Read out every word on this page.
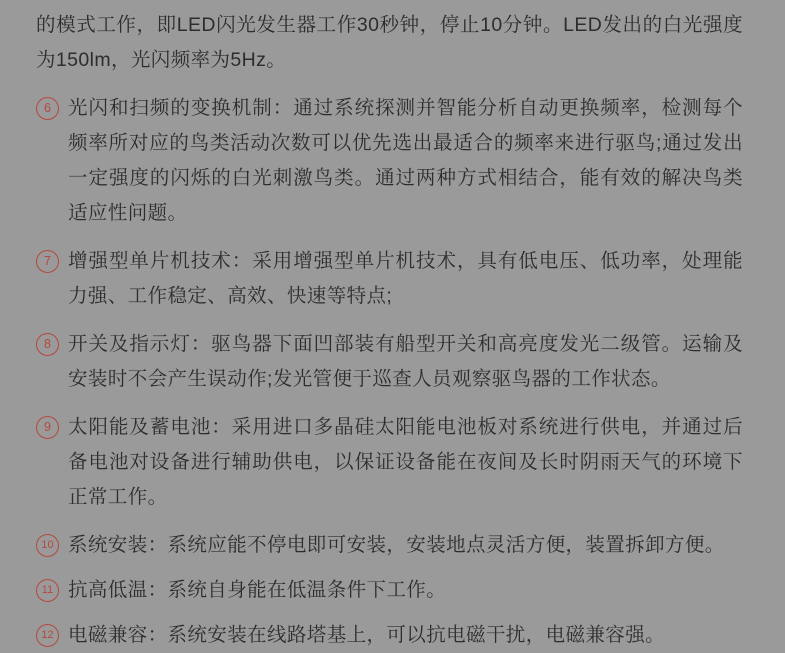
的模式工作，即LED闪光发生器工作30秒钟，停止10分钟。LED发出的白光强度为150lm，光闪频率为5Hz。
6 光闪和扫频的变换机制：通过系统探测并智能分析自动更换频率，检测每个频率所对应的鸟类活动次数可以优先选出最适合的频率来进行驱鸟;通过发出一定强度的闪烁的白光刺激鸟类。通过两种方式相结合，能有效的解决鸟类适应性问题。
7 增强型单片机技术：采用增强型单片机技术，具有低电压、低功率，处理能力强、工作稳定、高效、快速等特点;
8 开关及指示灯：驱鸟器下面凹部装有船型开关和高亮度发光二级管。运输及安装时不会产生误动作;发光管便于巡查人员观察驱鸟器的工作状态。
9 太阳能及蓄电池：采用进口多晶硅太阳能电池板对系统进行供电，并通过后备电池对设备进行辅助供电，以保证设备能在夜间及长时阴雨天气的环境下正常工作。
10 系统安装：系统应能不停电即可安装，安装地点灵活方便，装置拆卸方便。
11 抗高低温：系统自身能在低温条件下工作。
12 电磁兼容：系统安装在线路塔基上，可以抗电磁干扰，电磁兼容强。
